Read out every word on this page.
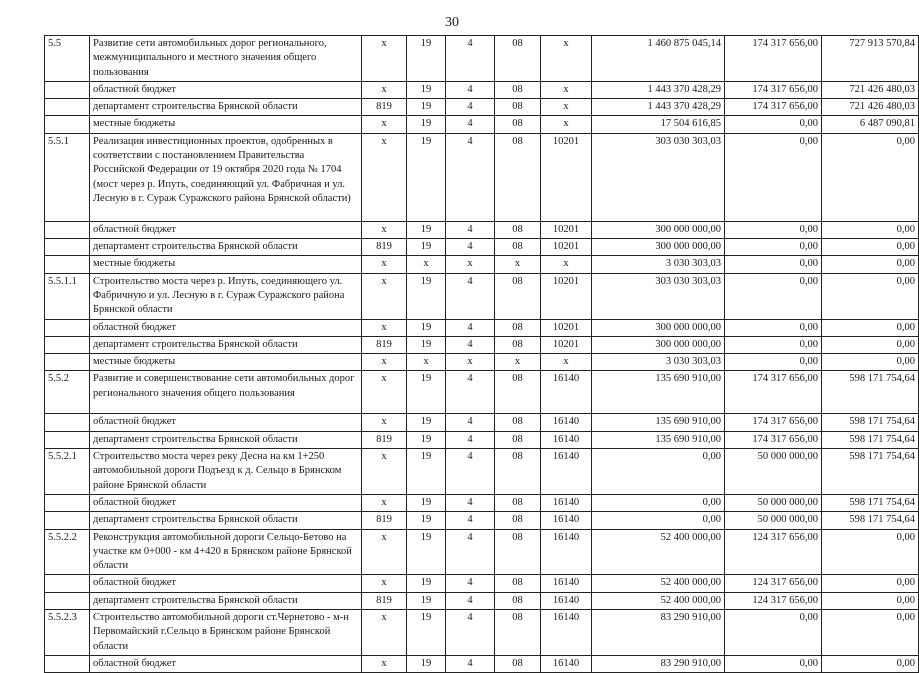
30
5.5	Развитие сети автомобильных дорог регионального, межмуниципального и местного значения общего пользования	x	19	4	08	x	1 460 875 045,14	174 317 656,00	727 913 570,84
	областной бюджет	x	19	4	08	x	1 443 370 428,29	174 317 656,00	721 426 480,03
	департамент строительства Брянской области	819	19	4	08	x	1 443 370 428,29	174 317 656,00	721 426 480,03
	местные бюджеты	x	19	4	08	x	17 504 616,85	0,00	6 487 090,81
5.5.1	Реализация инвестиционных проектов, одобренных в соответствии с постановлением Правительства Российской Федерации от 19 октября 2020 года № 1704 (мост через р. Ипуть, соединяющий ул. Фабричная и ул. Лесную в г. Сураж Суражского района Брянской области)	x	19	4	08	10201	303 030 303,03	0,00	0,00
	областной бюджет	x	19	4	08	10201	300 000 000,00	0,00	0,00
	департамент строительства Брянской области	819	19	4	08	10201	300 000 000,00	0,00	0,00
	местные бюджеты	x	x	x	x	x	3 030 303,03	0,00	0,00
5.5.1.1	Строительство моста через р. Ипуть, соединяющего ул. Фабричную и ул. Лесную в г. Сураж Суражского района Брянской области	x	19	4	08	10201	303 030 303,03	0,00	0,00
	областной бюджет	x	19	4	08	10201	300 000 000,00	0,00	0,00
	департамент строительства Брянской области	819	19	4	08	10201	300 000 000,00	0,00	0,00
	местные бюджеты	x	x	x	x	x	3 030 303,03	0,00	0,00
5.5.2	Развитие и совершенствование сети автомобильных дорог регионального значения общего пользования	x	19	4	08	16140	135 690 910,00	174 317 656,00	598 171 754,64
	областной бюджет	x	19	4	08	16140	135 690 910,00	174 317 656,00	598 171 754,64
	департамент строительства Брянской области	819	19	4	08	16140	135 690 910,00	174 317 656,00	598 171 754,64
5.5.2.1	Строительство моста через реку Десна на км 1+250 автомобильной дороги Подъезд к д. Сельцо в Брянском районе Брянской области	x	19	4	08	16140	0,00	50 000 000,00	598 171 754,64
	областной бюджет	x	19	4	08	16140	0,00	50 000 000,00	598 171 754,64
	департамент строительства Брянской области	819	19	4	08	16140	0,00	50 000 000,00	598 171 754,64
5.5.2.2	Реконструкция автомобильной дороги Сельцо-Бетово на участке км 0+000 - км 4+420 в Брянском районе Брянской области	x	19	4	08	16140	52 400 000,00	124 317 656,00	0,00
	областной бюджет	x	19	4	08	16140	52 400 000,00	124 317 656,00	0,00
	департамент строительства Брянской области	819	19	4	08	16140	52 400 000,00	124 317 656,00	0,00
5.5.2.3	Строительство автомобильной дороги ст.Чернетово - м-н Первомайский г.Сельцо в Брянском районе Брянской области	x	19	4	08	16140	83 290 910,00	0,00	0,00
	областной бюджет	x	19	4	08	16140	83 290 910,00	0,00	0,00
